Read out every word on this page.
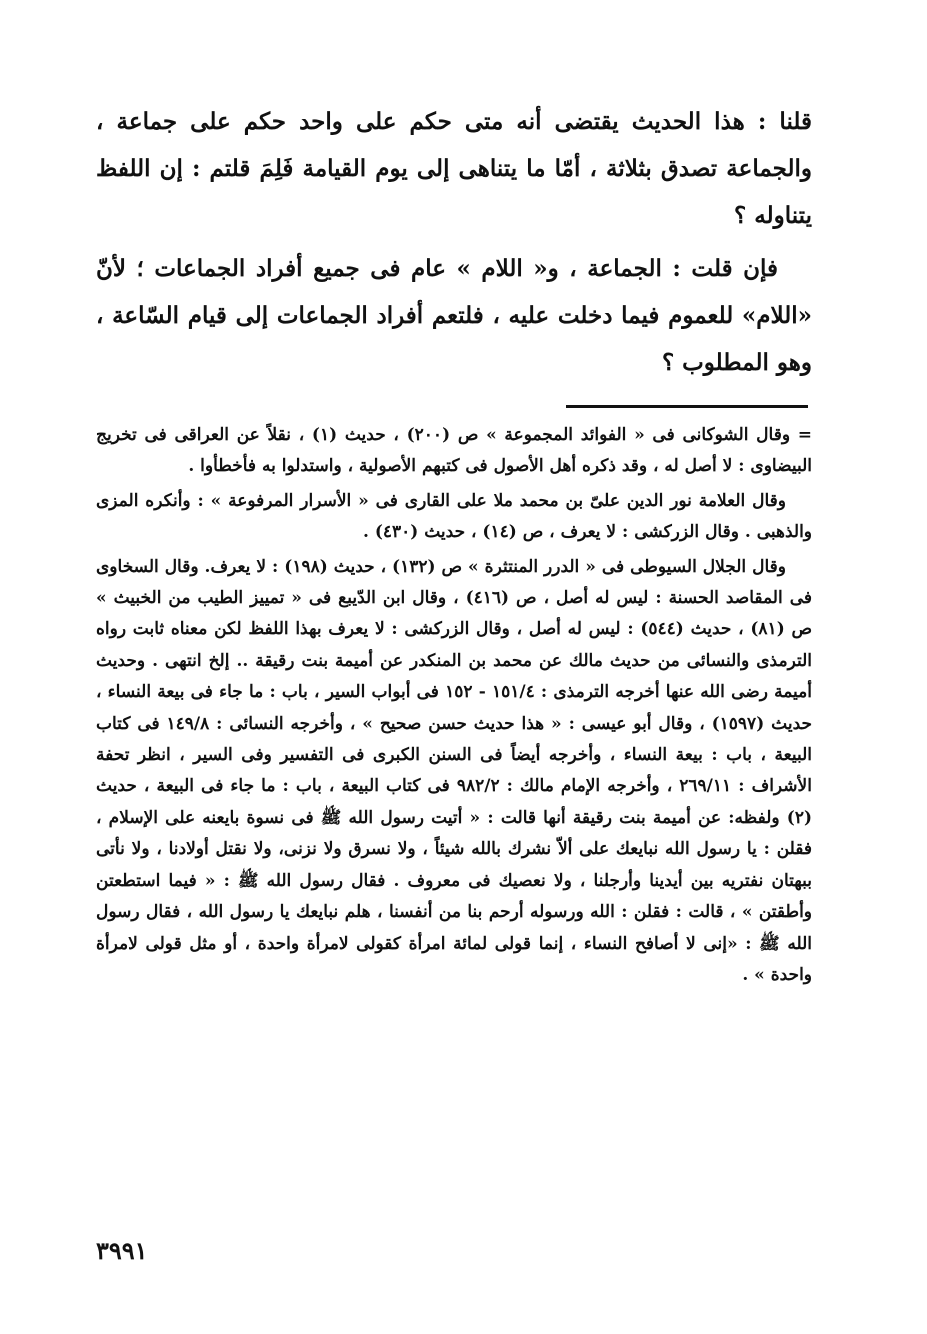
قلنا : هذا الحديث يقتضى أنه متى حكم على واحد حكم على جماعة ، والجماعة تصدق بثلاثة ، أمّا ما يتناهى إلى يوم القيامة فَلِمَ قلتم : إن اللفظ يتناوله ؟

فإن قلت : الجماعة ، و« اللام » عام فى جميع أفراد الجماعات ؛ لأنّ «اللام» للعموم فيما دخلت عليه ، فلتعم أفراد الجماعات إلى قيام السّاعة ، وهو المطلوب ؟

= وقال الشوكانى فى « الفوائد المجموعة » ص (٢٠٠) ، حديث (١) ، نقلاً عن العراقى فى تخريج البيضاوى : لا أصل له ، وقد ذكره أهل الأصول فى كتبهم الأصولية ، واستدلوا به فأخطأوا .

وقال العلامة نور الدين علىّ بن محمد ملا على القارى فى « الأسرار المرفوعة » : وأنكره المزى والذهبى . وقال الزركشى : لا يعرف ، ص (١٤) ، حديث (٤٣٠) .

وقال الجلال السيوطى فى « الدرر المنتثرة » ص (١٣٢) ، حديث (١٩٨) : لا يعرف. وقال السخاوى فى المقاصد الحسنة : ليس له أصل ، ص (٤١٦) ، وقال ابن الدّيبع فى « تمييز الطيب من الخبيث » ص (٨١) ، حديث (٥٤٤) : ليس له أصل ، وقال الزركشى : لا يعرف بهذا اللفظ لكن معناه ثابت رواه الترمذى والنسائى من حديث مالك عن محمد بن المنكدر عن أميمة بنت رقيقة .. إلخ انتهى . وحديث أميمة رضى الله عنها أخرجه الترمذى : ١٥١/٤ - ١٥٢ فى أبواب السير ، باب : ما جاء فى بيعة النساء ، حديث (١٥٩٧) ، وقال أبو عيسى : « هذا حديث حسن صحيح » ، وأخرجه النسائى : ١٤٩/٨ فى كتاب البيعة ، باب : بيعة النساء ، وأخرجه أيضاً فى السنن الكبرى فى التفسير وفى السير ، انظر تحفة الأشراف : ٢٦٩/١١ ، وأخرجه الإمام مالك : ٩٨٢/٢ فى كتاب البيعة ، باب : ما جاء فى البيعة ، حديث (٢) ولفظه: عن أميمة بنت رقيقة أنها قالت : « أتيت رسول الله ﷺ فى نسوة بايعنه على الإسلام ، فقلن : يا رسول الله نبايعك على ألاّ نشرك بالله شيئاً ، ولا نسرق ولا نزنى، ولا نقتل أولادنا ، ولا نأتى ببهتان نفتريه بين أيدينا وأرجلنا ، ولا نعصيك فى معروف . فقال رسول الله ﷺ : « فيما استطعتن وأطقتن » ، قالت : فقلن : الله ورسوله أرحم بنا من أنفسنا ، هلم نبايعك يا رسول الله ، فقال رسول الله ﷺ : «إنى لا أصافح النساء ، إنما قولى لمائة امرأة كقولى لامرأة واحدة ، أو مثل قولى لامرأة واحدة » .

٣٩٩١
